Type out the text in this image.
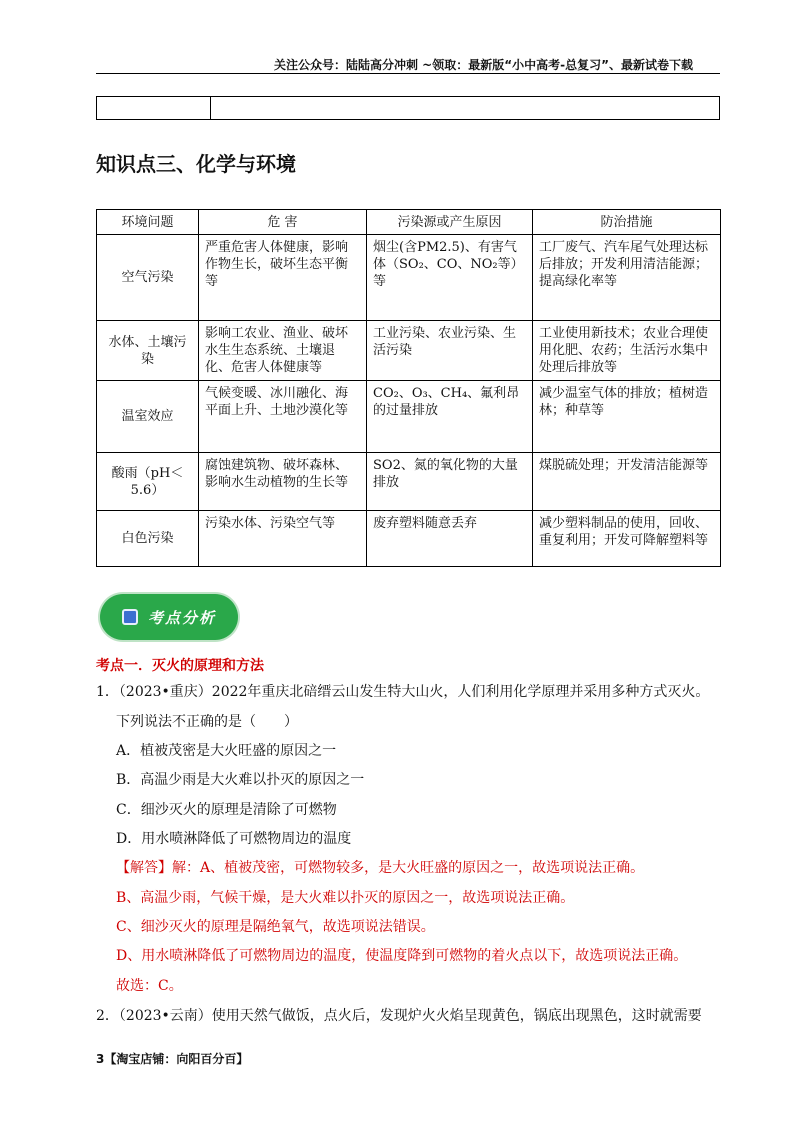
关注公众号：陆陆高分冲刺 ~领取：最新版“小中高考-总复习”、最新试卷下载
知识点三、化学与环境
环境问题	危 害	污染源或产生原因	防治措施
空气污染	严重危害人体健康，影响作物生长，破坏生态平衡等	烟尘(含PM2.5)、有害气体（SO₂、CO、NO₂等）等	工厂废气、汽车尾气处理达标后排放；开发利用清洁能源；提高绿化率等
水体、土壤污染	影响工农业、渔业、破坏水生生态系统、土壤退化、危害人体健康等	工业污染、农业污染、生活污染	工业使用新技术；农业合理使用化肥、农药；生活污水集中处理后排放等
温室效应	气候变暖、冰川融化、海平面上升、土地沙漠化等	CO₂、O₃、CH₄、氟利昂的过量排放	减少温室气体的排放；植树造林；种草等
酸雨（pH＜5.6）	腐蚀建筑物、破坏森林、影响水生动植物的生长等	SO2、氮的氧化物的大量排放	煤脱硫处理；开发清洁能源等
白色污染	污染水体、污染空气等	废弃塑料随意丢弃	减少塑料制品的使用，回收、重复利用；开发可降解塑料等
考点分析
考点一．灭火的原理和方法
1．（2023•重庆）2022年重庆北碚缙云山发生特大山火，人们利用化学原理并采用多种方式灭火。
下列说法不正确的是（　　）
A．植被茂密是大火旺盛的原因之一
B．高温少雨是大火难以扑灭的原因之一
C．细沙灭火的原理是清除了可燃物
D．用水喷淋降低了可燃物周边的温度
【解答】解：A、植被茂密，可燃物较多，是大火旺盛的原因之一，故选项说法正确。
B、高温少雨，气候干燥，是大火难以扑灭的原因之一，故选项说法正确。
C、细沙灭火的原理是隔绝氧气，故选项说法错误。
D、用水喷淋降低了可燃物周边的温度，使温度降到可燃物的着火点以下，故选项说法正确。
故选：C。
2．（2023•云南）使用天然气做饭，点火后，发现炉火火焰呈现黄色，锅底出现黑色，这时就需要
3【淘宝店铺：向阳百分百】
